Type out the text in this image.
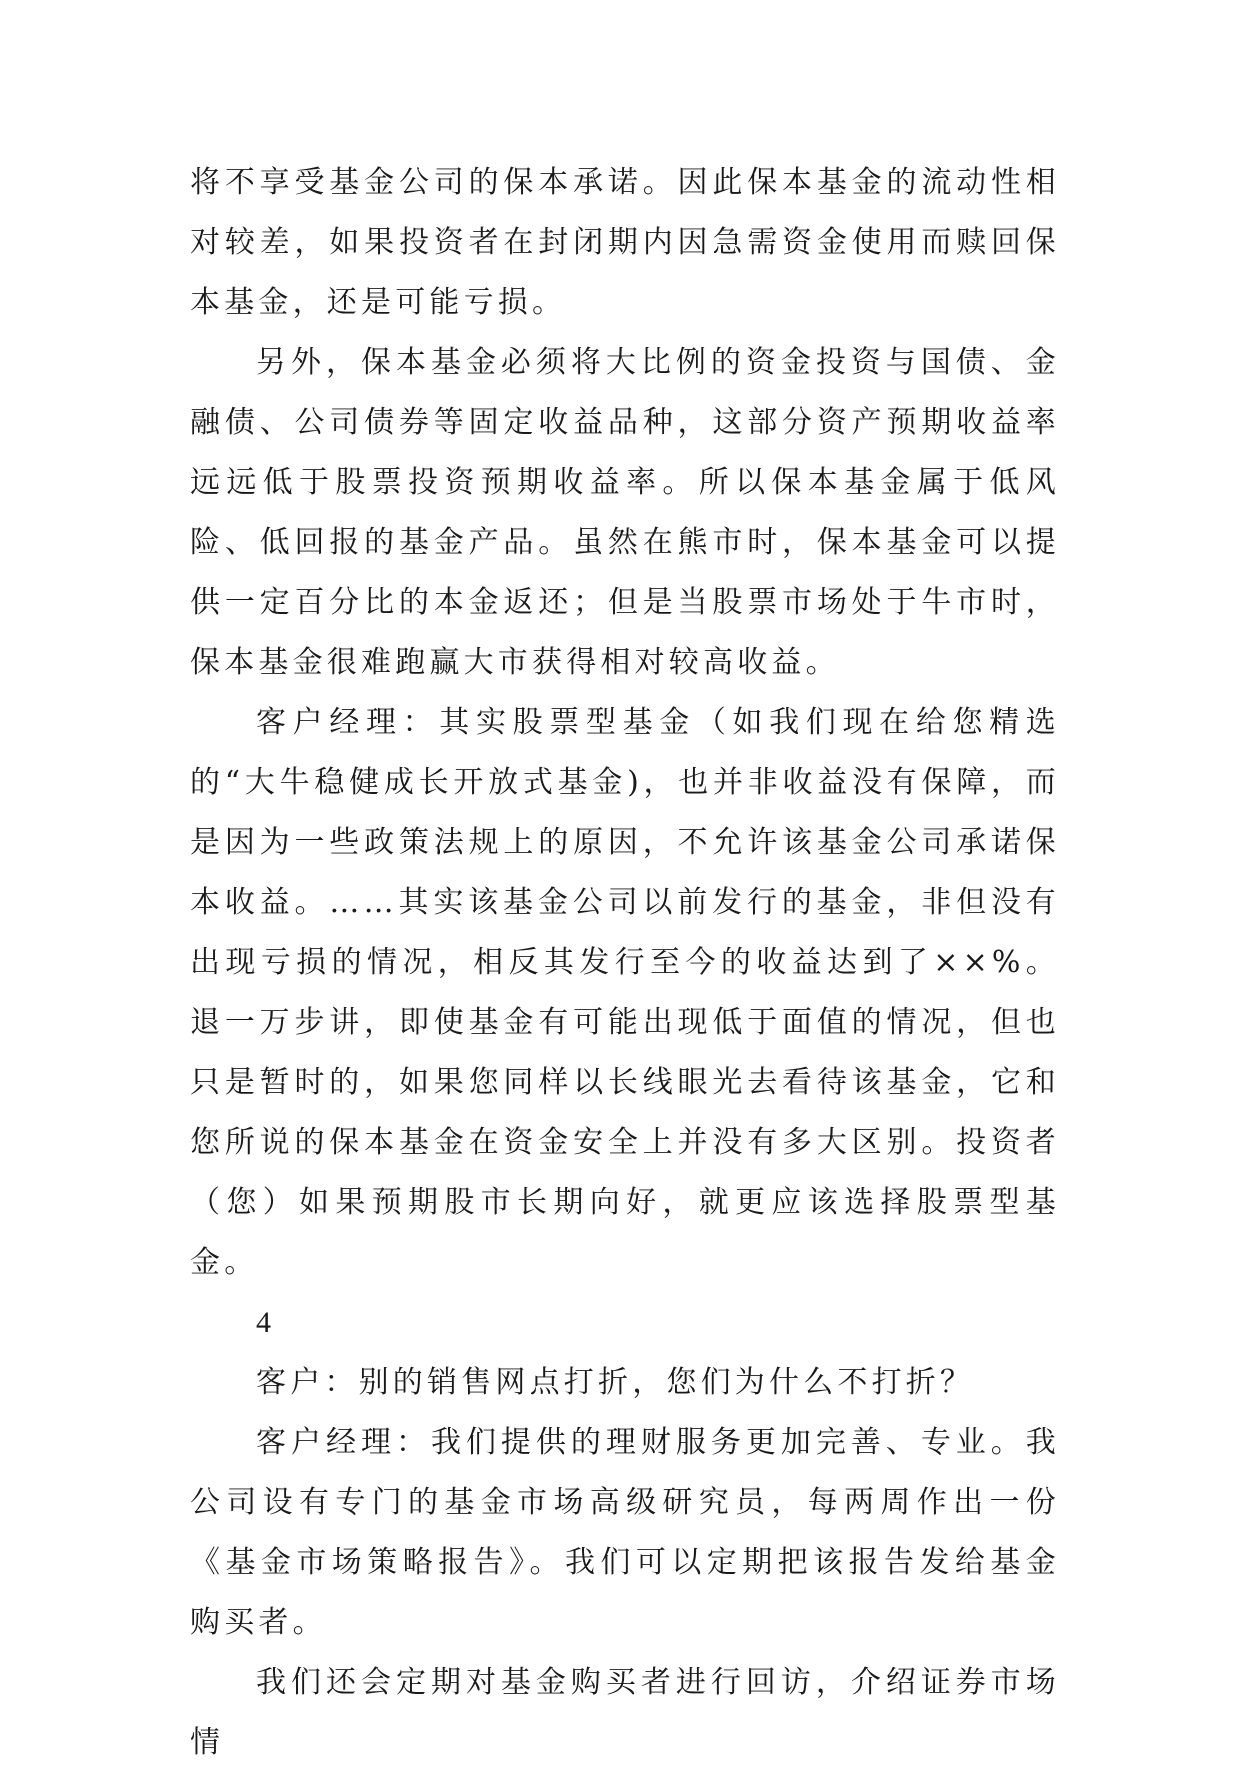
将不享受基金公司的保本承诺。因此保本基金的流动性相对较差，如果投资者在封闭期内因急需资金使用而赎回保本基金，还是可能亏损。

另外，保本基金必须将大比例的资金投资与国债、金融债、公司债券等固定收益品种，这部分资产预期收益率远远低于股票投资预期收益率。所以保本基金属于低风险、低回报的基金产品。虽然在熊市时，保本基金可以提供一定百分比的本金返还；但是当股票市场处于牛市时，保本基金很难跑赢大市获得相对较高收益。

客户经理：其实股票型基金（如我们现在给您精选的“大牛稳健成长开放式基金)，也并非收益没有保障，而是因为一些政策法规上的原因，不允许该基金公司承诺保本收益。……其实该基金公司以前发行的基金，非但没有出现亏损的情况，相反其发行至今的收益达到了××%。退一万步讲，即使基金有可能出现低于面值的情况，但也只是暂时的，如果您同样以长线眼光去看待该基金，它和您所说的保本基金在资金安全上并没有多大区别。投资者（您）如果预期股市长期向好，就更应该选择股票型基金。

4

客户：别的销售网点打折，您们为什么不打折？

客户经理：我们提供的理财服务更加完善、专业。我公司设有专门的基金市场高级研究员，每两周作出一份《基金市场策略报告》。我们可以定期把该报告发给基金购买者。

我们还会定期对基金购买者进行回访，介绍证券市场情
